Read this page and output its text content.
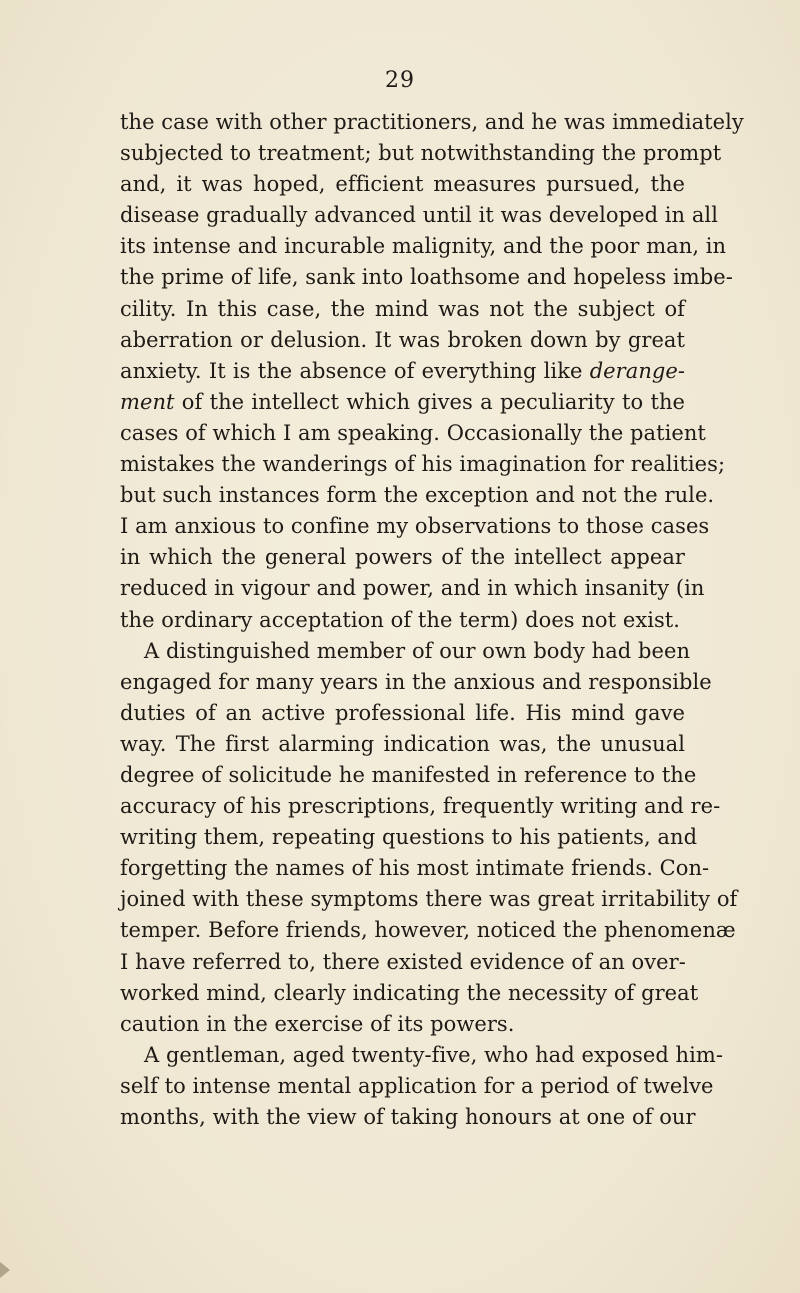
29
the case with other practitioners, and he was immediately
subjected to treatment; but notwithstanding the prompt
and, it was hoped, efficient measures pursued, the
disease gradually advanced until it was developed in all
its intense and incurable malignity, and the poor man, in
the prime of life, sank into loathsome and hopeless imbe-
cility. In this case, the mind was not the subject of
aberration or delusion. It was broken down by great
anxiety. It is the absence of everything like derange-
ment of the intellect which gives a peculiarity to the
cases of which I am speaking. Occasionally the patient
mistakes the wanderings of his imagination for realities;
but such instances form the exception and not the rule.
I am anxious to confine my observations to those cases
in which the general powers of the intellect appear
reduced in vigour and power, and in which insanity (in
the ordinary acceptation of the term) does not exist.
A distinguished member of our own body had been
engaged for many years in the anxious and responsible
duties of an active professional life. His mind gave
way. The first alarming indication was, the unusual
degree of solicitude he manifested in reference to the
accuracy of his prescriptions, frequently writing and re-
writing them, repeating questions to his patients, and
forgetting the names of his most intimate friends. Con-
joined with these symptoms there was great irritability of
temper. Before friends, however, noticed the phenomenæ
I have referred to, there existed evidence of an over-
worked mind, clearly indicating the necessity of great
caution in the exercise of its powers.
A gentleman, aged twenty-five, who had exposed him-
self to intense mental application for a period of twelve
months, with the view of taking honours at one of our
